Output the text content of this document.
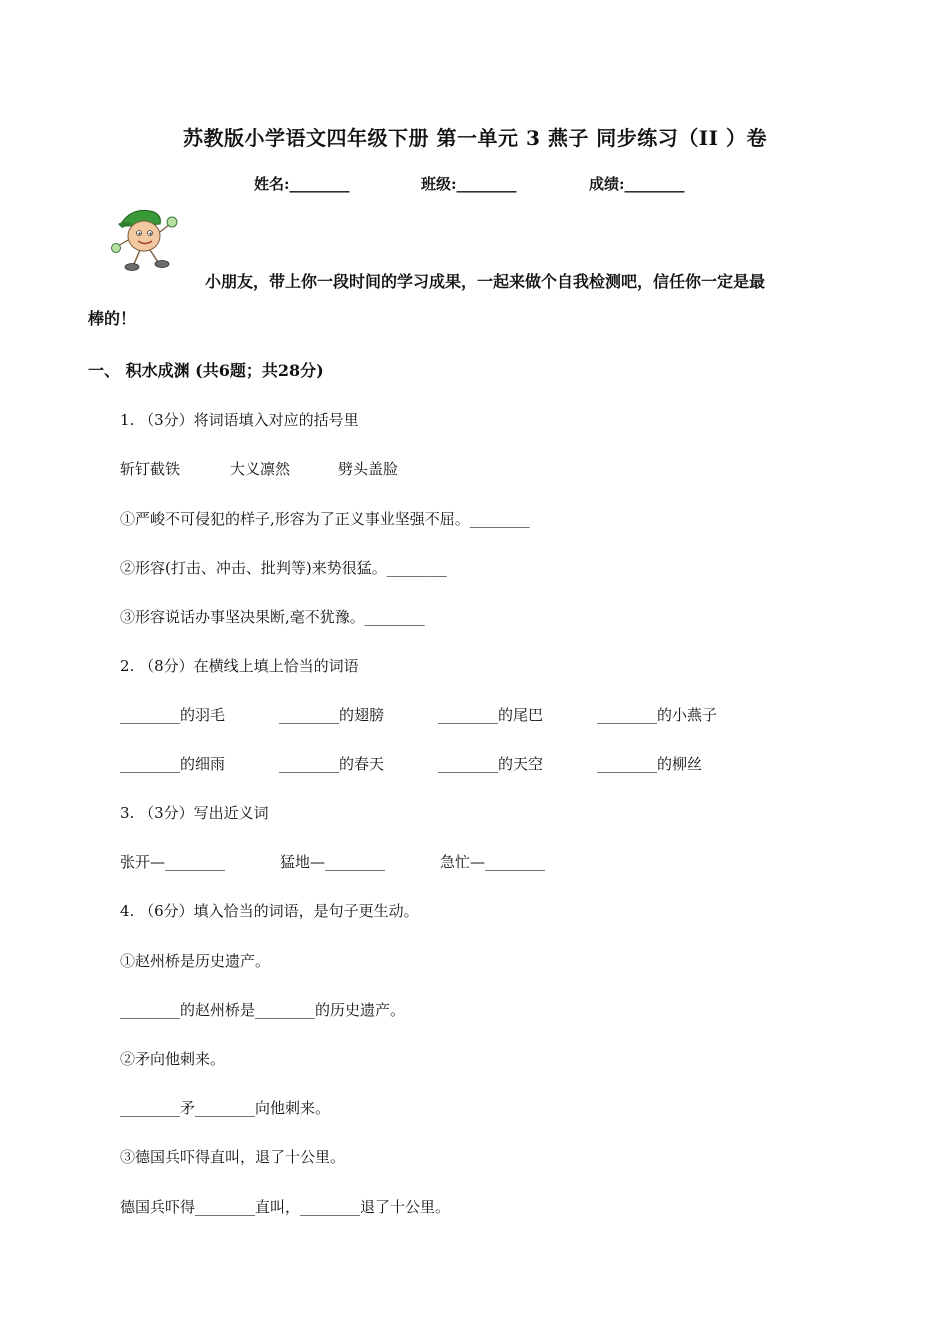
苏教版小学语文四年级下册 第一单元 3 燕子 同步练习（II ）卷
姓名:________	班级:________	成绩:________
小朋友，带上你一段时间的学习成果，一起来做个自我检测吧，信任你一定是最
棒的！
一、 积水成渊 (共6题；共28分)
1. （3分）将词语填入对应的括号里
斩钉截铁	大义凛然	劈头盖脸
①严峻不可侵犯的样子,形容为了正义事业坚强不屈。________
②形容(打击、冲击、批判等)来势很猛。________
③形容说话办事坚决果断,毫不犹豫。________
2. （8分）在横线上填上恰当的词语
________的羽毛	________的翅膀	________的尾巴	________的小燕子
________的细雨	________的春天	________的天空	________的柳丝
3. （3分）写出近义词
张开—________	猛地—________	急忙—________
4. （6分）填入恰当的词语，是句子更生动。
①赵州桥是历史遗产。
________的赵州桥是________的历史遗产。
②矛向他刺来。
________矛________向他刺来。
③德国兵吓得直叫，退了十公里。
德国兵吓得________直叫，________退了十公里。
